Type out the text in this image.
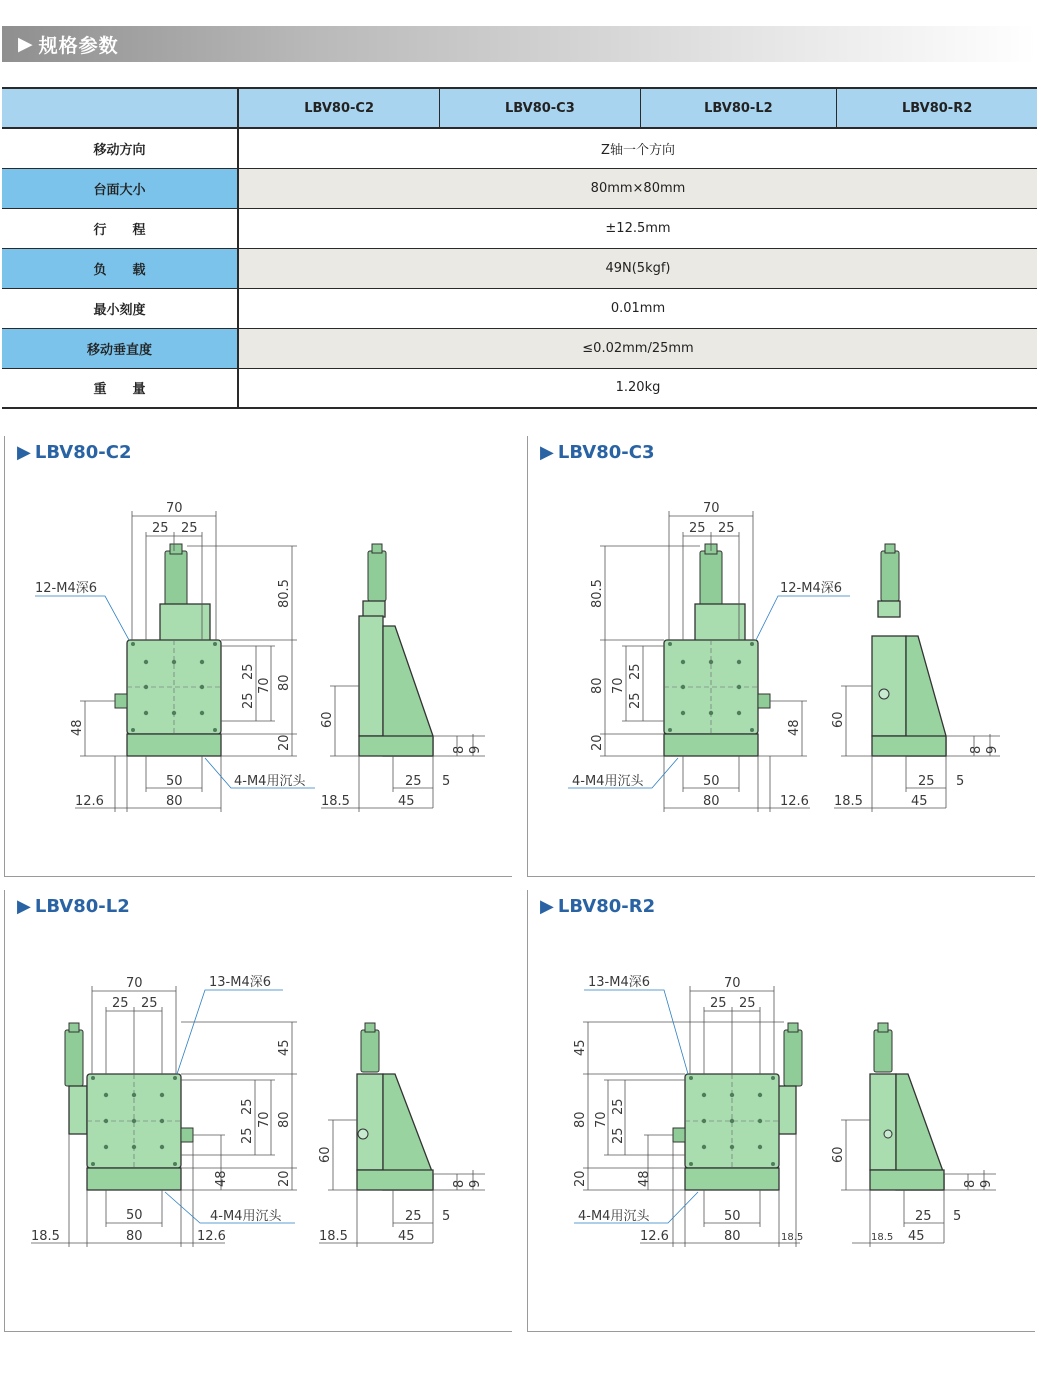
▶ 规格参数
	LBV80-C2	LBV80-C3	LBV80-L2	LBV80-R2
移动方向	Z轴一个方向			
台面大小	80mm×80mm			
行　　程	±12.5mm			
负　　载	49N(5kgf)			
最小刻度	0.01mm			
移动垂直度	≤0.02mm/25mm			
重　　量	1.20kg			
70
25 25
80.5
80
20
25
70
25
48
50
80
12.6
12-M4深6
4-M4用沉头
60
8 9
25 5
18.5	45
▶ LBV80-C2
70
25 25
80.5
80
20
70
25
25
48
50
80	12.6
12-M4深6
4-M4用沉头
60
8 9
25 5
18.5	45
▶ LBV80-C3
70
25 25
45
80
20
25
70
25
48
50
18.5	80	12.6
13-M4深6
4-M4用沉头
60
8 9
25 5
18.5	45
▶ LBV80-L2
70
25 25
45
80
20
70
25
25
48
50
12.6	80	18.5
13-M4深6
4-M4用沉头
60
8 9
25 5
18.5 45
▶ LBV80-R2
